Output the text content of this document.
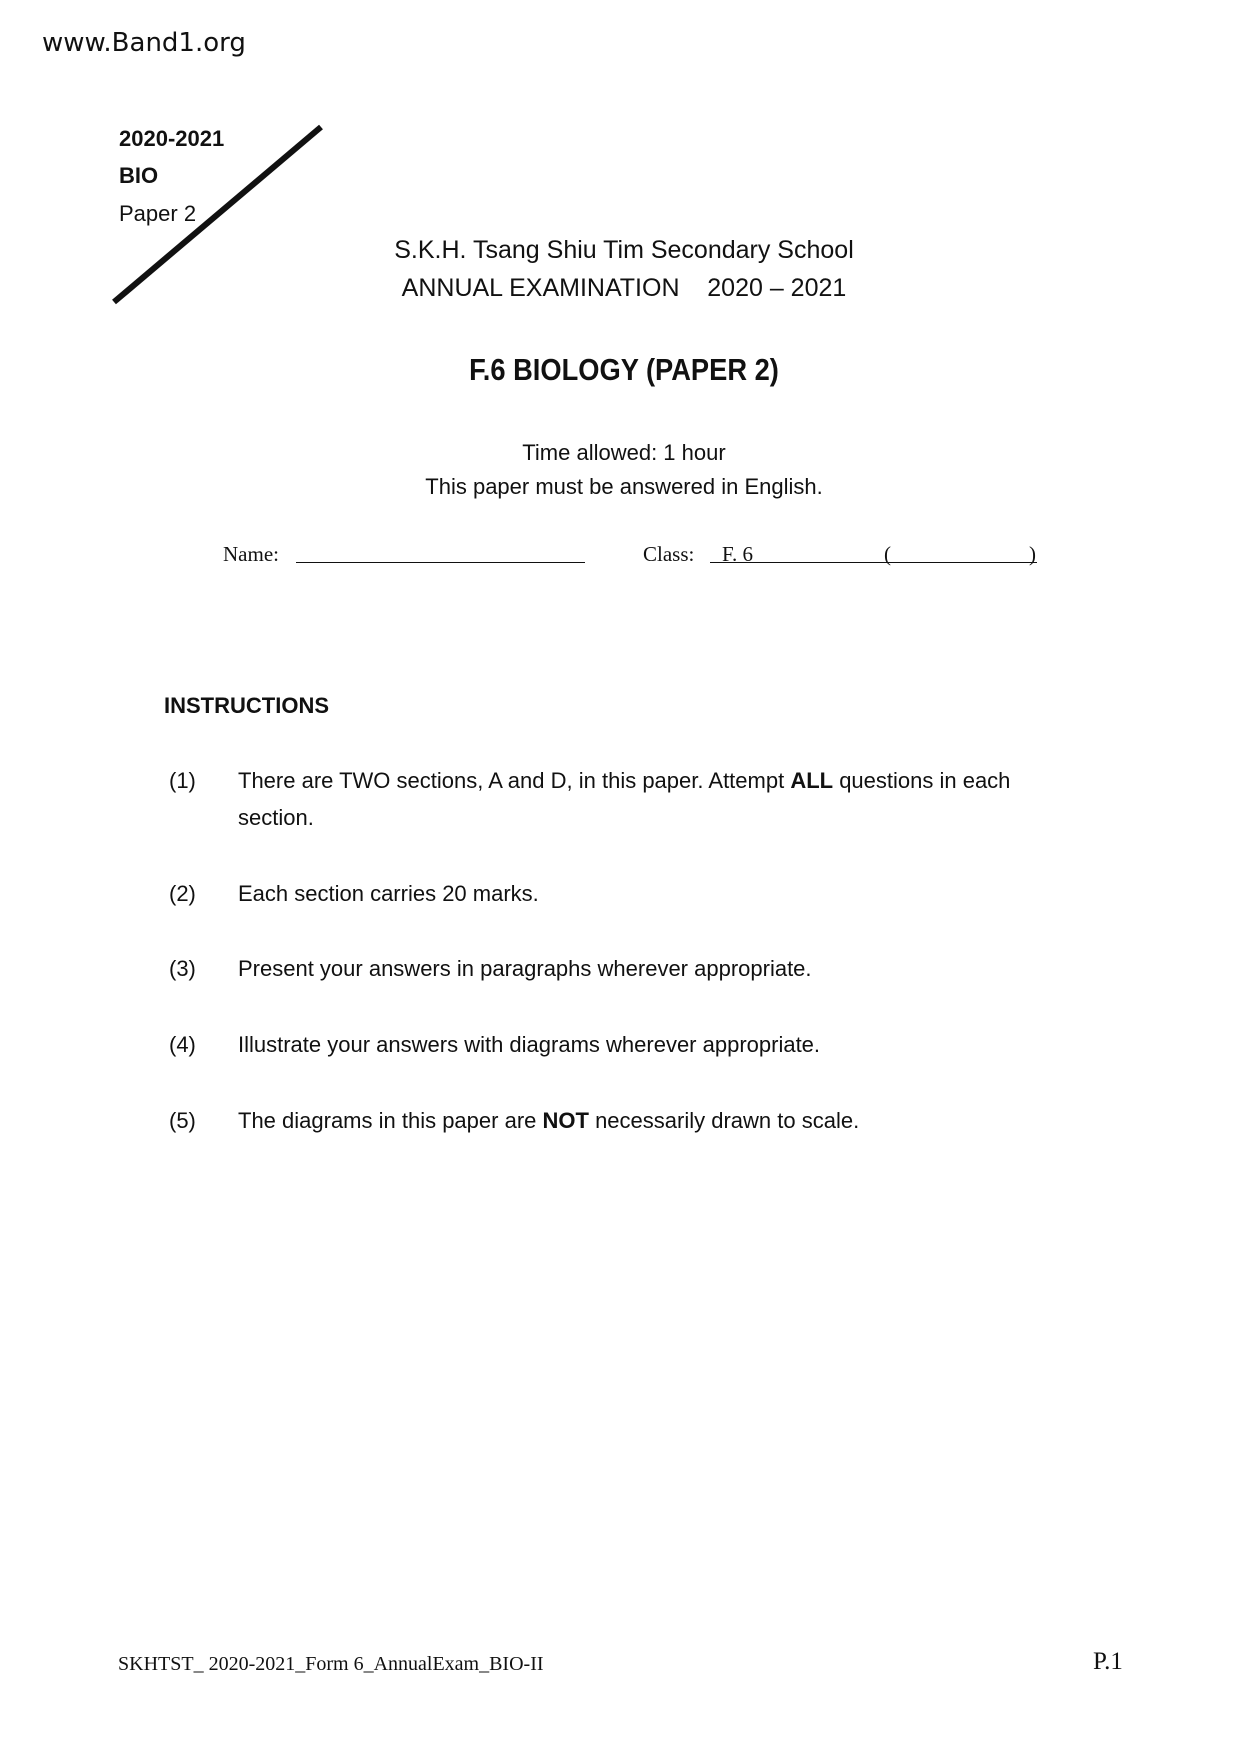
www.Band1.org
2020-2021
BIO
Paper 2
S.K.H. Tsang Shiu Tim Secondary School
ANNUAL EXAMINATION    2020 – 2021
F.6 BIOLOGY (PAPER 2)
Time allowed: 1 hour
This paper must be answered in English.
Name:	Class: F. 6	(	)
INSTRUCTIONS
(1) There are TWO sections, A and D, in this paper. Attempt ALL questions in each
section.
(2) Each section carries 20 marks.
(3) Present your answers in paragraphs wherever appropriate.
(4) Illustrate your answers with diagrams wherever appropriate.
(5) The diagrams in this paper are NOT necessarily drawn to scale.
SKHTST_ 2020-2021_Form 6_AnnualExam_BIO-II	P.1
